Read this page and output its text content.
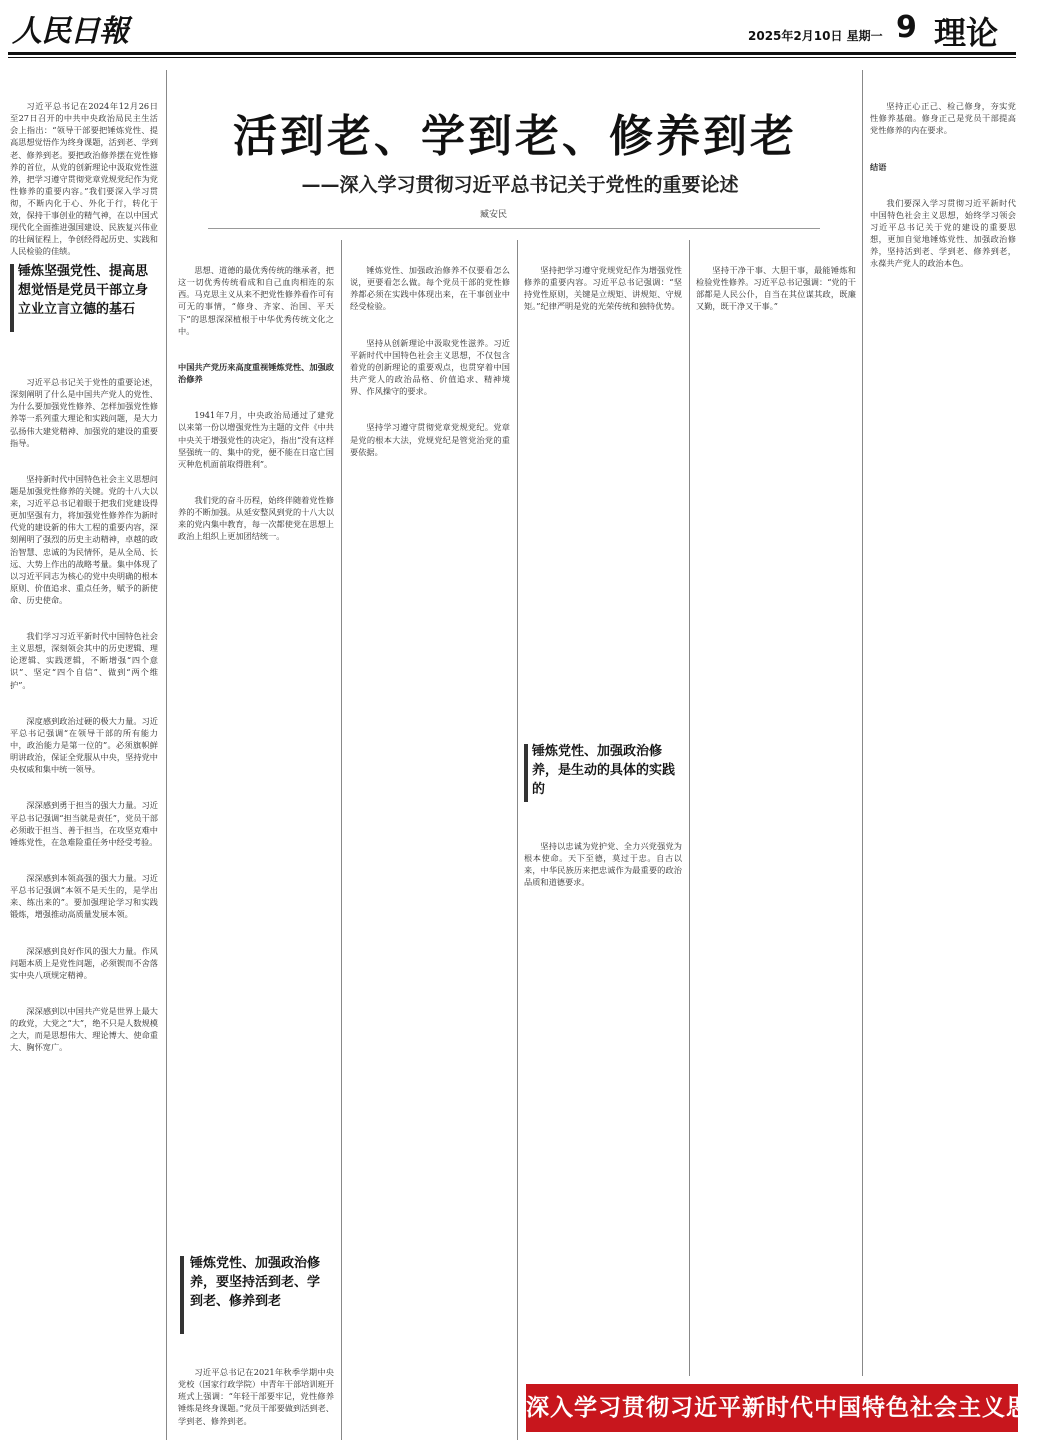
人民日報	2025年2月10日 星期一 9 理论
活到老、学到老、修养到老
——深入学习贯彻习近平总书记关于党性的重要论述
臧安民

习近平总书记在2024年12月26日至27日召开的中共中央政治局民主生活会上指出：“领导干部要把锤炼党性、提高思想觉悟作为终身课题，活到老、学到老、修养到老。要把政治修养摆在党性修养的首位，从党的创新理论中汲取党性滋养，把学习遵守贯彻党章党规党纪作为党性修养的重要内容。”我们要深入学习贯彻，不断内化于心、外化于行，转化于效，保持干事创业的精气神，在以中国式现代化全面推进强国建设、民族复兴伟业的壮阔征程上，争创经得起历史、实践和人民检验的佳绩。

锤炼坚强党性、提高思想觉悟是党员干部立身立业立言立德的基石

习近平总书记关于党性的重要论述，深刻阐明了什么是中国共产党人的党性、为什么要加强党性修养、怎样加强党性修养等一系列重大理论和实践问题，是大力弘扬伟大建党精神、加强党的建设的重要指导。

坚持新时代中国特色社会主义思想问题是加强党性修养的关键。党的十八大以来，习近平总书记着眼于把我们党建设得更加坚强有力，将加强党性修养作为新时代党的建设新的伟大工程的重要内容，深刻阐明了强烈的历史主动精神，卓越的政治智慧、忠诚的为民情怀，是从全局、长远、大势上作出的战略考量。集中体现了以习近平同志为核心的党中央明确的根本原则、价值追求、重点任务，赋予的新使命、历史使命。

我们学习习近平新时代中国特色社会主义思想，深刻领会其中的历史逻辑、理论逻辑、实践逻辑，不断增强“四个意识”、坚定“四个自信”、做到“两个维护”。

深度感到政治过硬的极大力量。习近平总书记强调“在领导干部的所有能力中，政治能力是第一位的”。必须旗帜鲜明讲政治，保证全党服从中央，坚持党中央权威和集中统一领导。

深深感到勇于担当的强大力量。习近平总书记强调“担当就是责任”，党员干部必须敢于担当、善于担当，在攻坚克难中锤炼党性，在急难险重任务中经受考验。

深深感到本领高强的强大力量。习近平总书记强调“本领不是天生的，是学出来、练出来的”。要加强理论学习和实践锻炼，增强推动高质量发展本领。

深深感到良好作风的强大力量。作风问题本质上是党性问题，必须锲而不舍落实中央八项规定精神。

深深感到以中国共产党是世界上最大的政党，大党之“大”，绝不只是人数规模之大，而是思想伟大、理论博大、使命重大、胸怀宽广。

思想、道德的最优秀传统的继承者，把这一切优秀传统看成和自己血肉相连的东西。马克思主义从来不把党性修养看作可有可无的事情，“修身、齐家、治国、平天下”的思想深深植根于中华优秀传统文化之中。

中国共产党历来高度重视锤炼党性、加强政治修养

1941年7月，中央政治局通过了建党以来第一份以增强党性为主题的文件《中共中央关于增强党性的决定》，指出“没有这样坚强统一的、集中的党，便不能在日寇亡国灭种危机面前取得胜利”。

我们党的奋斗历程，始终伴随着党性修养的不断加强。从延安整风到党的十八大以来的党内集中教育，每一次都使党在思想上政治上组织上更加团结统一。

锤炼党性、加强政治修养，要坚持活到老、学到老、修养到老

习近平总书记在2021年秋季学期中央党校（国家行政学院）中青年干部培训班开班式上强调：“年轻干部要牢记，党性修养锤炼是终身课题。”党员干部要做到活到老、学到老、修养到老。

锤炼党性、加强政治修养不仅要看怎么说，更要看怎么做。每个党员干部的党性修养都必须在实践中体现出来，在干事创业中经受检验。

坚持从创新理论中汲取党性滋养。习近平新时代中国特色社会主义思想，不仅包含着党的创新理论的重要观点，也贯穿着中国共产党人的政治品格、价值追求、精神境界、作风操守的要求。

坚持学习遵守贯彻党章党规党纪。党章是党的根本大法，党规党纪是管党治党的重要依据。

坚持把学习遵守党规党纪作为增强党性修养的重要内容。习近平总书记强调：“坚持党性原则，关键是立规矩、讲规矩、守规矩。”纪律严明是党的光荣传统和独特优势。

锤炼党性、加强政治修养，是生动的具体的实践的

坚持以忠诚为党护党、全力兴党强党为根本使命。天下至德，莫过于忠。自古以来，中华民族历来把忠诚作为最重要的政治品质和道德要求。

坚持干净干事、大胆干事，最能锤炼和检验党性修养。习近平总书记强调：“党的干部都是人民公仆，自当在其位谋其政，既廉又勤，既干净又干事。”

坚持正心正己、检己修身，夯实党性修养基础。修身正己是党员干部提高党性修养的内在要求。

结语

我们要深入学习贯彻习近平新时代中国特色社会主义思想，始终学习领会习近平总书记关于党的建设的重要思想，更加自觉地锤炼党性、加强政治修养，坚持活到老、学到老、修养到老，永葆共产党人的政治本色。

深入学习贯彻习近平新时代中国特色社会主义思想
